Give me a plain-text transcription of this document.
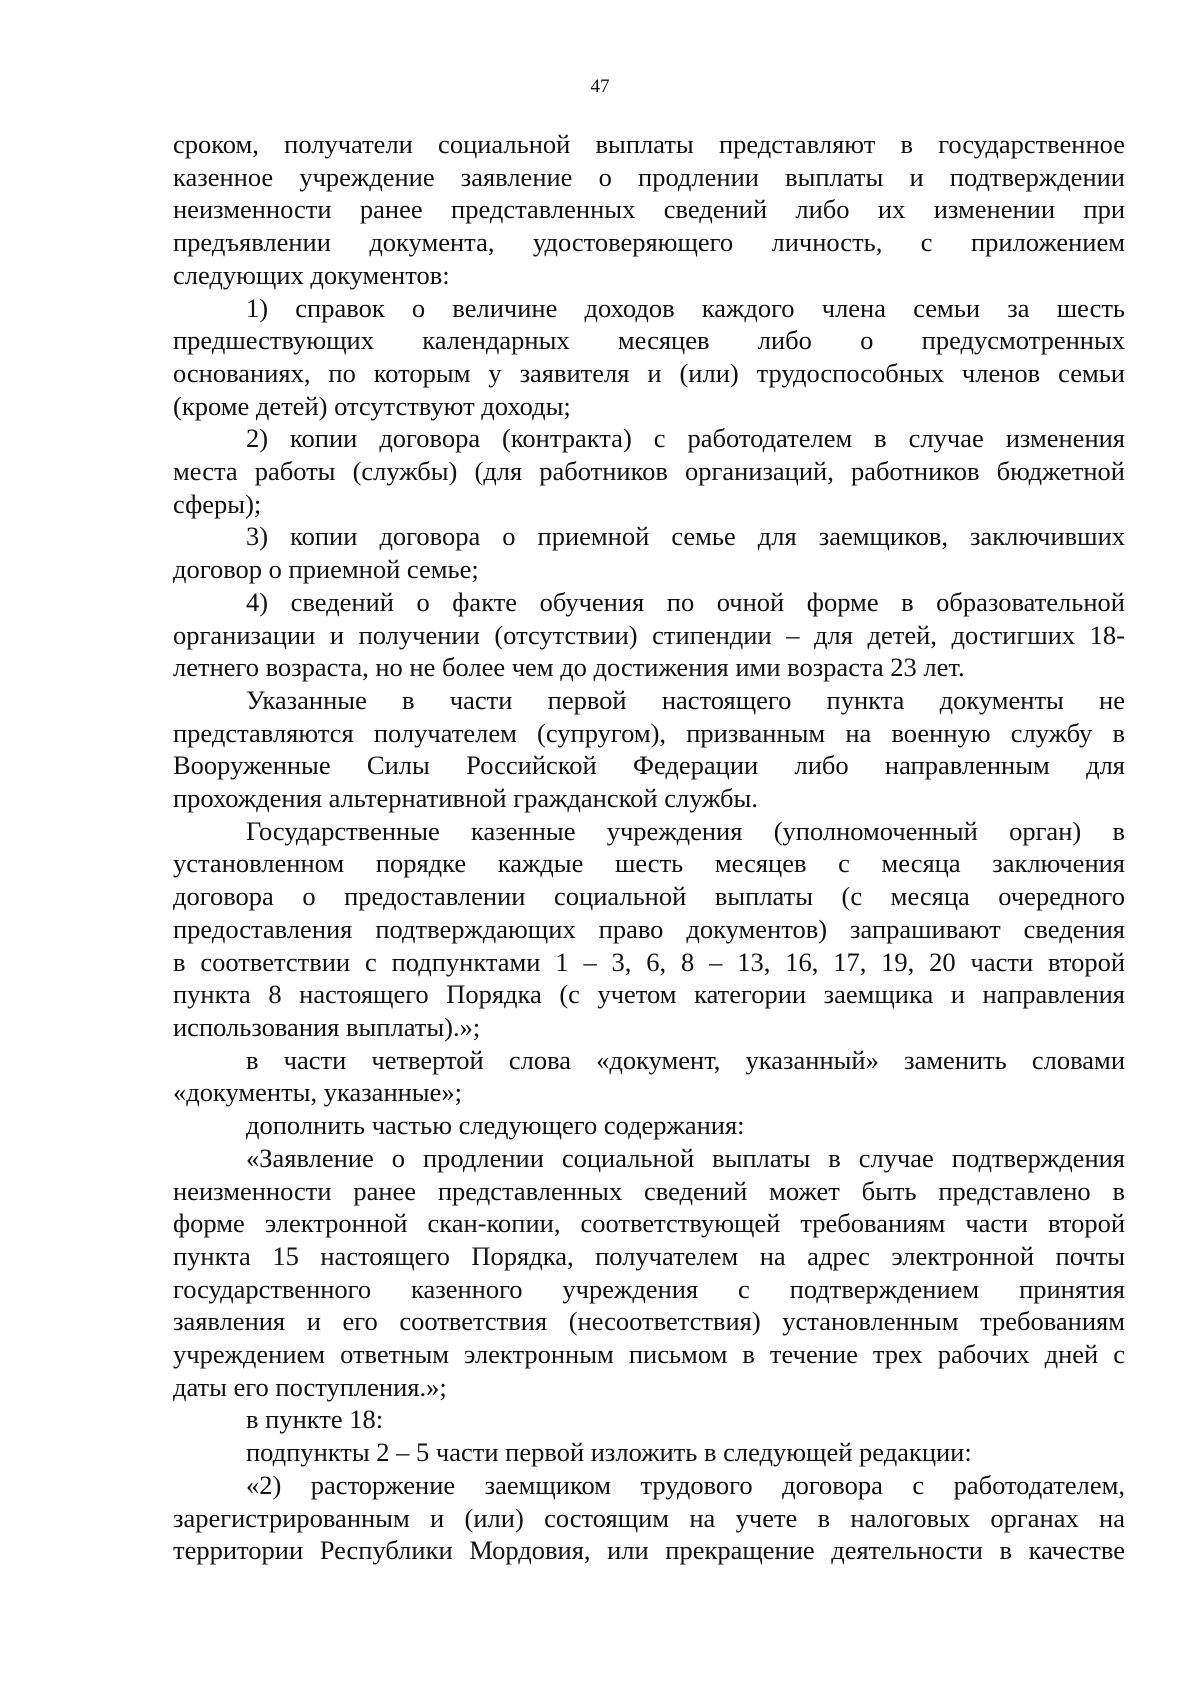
47

сроком, получатели социальной выплаты представляют в государственное

казенное учреждение заявление о продлении выплаты и подтверждении

неизменности ранее представленных сведений либо их изменении при

предъявлении документа, удостоверяющего личность, с приложением

следующих документов:

1) справок о величине доходов каждого члена семьи за шесть

предшествующих календарных месяцев либо о предусмотренных

основаниях, по которым у заявителя и (или) трудоспособных членов семьи

(кроме детей) отсутствуют доходы;

2) копии договора (контракта) с работодателем в случае изменения

места работы (службы) (для работников организаций, работников бюджетной

сферы);

3) копии договора о приемной семье для заемщиков, заключивших

договор о приемной семье;

4) сведений о факте обучения по очной форме в образовательной

организации и получении (отсутствии) стипендии – для детей, достигших 18-

летнего возраста, но не более чем до достижения ими возраста 23 лет.

Указанные в части первой настоящего пункта документы не

представляются получателем (супругом), призванным на военную службу в

Вооруженные Силы Российской Федерации либо направленным для

прохождения альтернативной гражданской службы.

Государственные казенные учреждения (уполномоченный орган) в

установленном порядке каждые шесть месяцев с месяца заключения

договора о предоставлении социальной выплаты (с месяца очередного

предоставления подтверждающих право документов) запрашивают сведения

в соответствии с подпунктами 1 – 3, 6, 8 – 13, 16, 17, 19, 20 части второй

пункта 8 настоящего Порядка (с учетом категории заемщика и направления

использования выплаты).»;

в части четвертой слова «документ, указанный» заменить словами

«документы, указанные»;

дополнить частью следующего содержания:

«Заявление о продлении социальной выплаты в случае подтверждения

неизменности ранее представленных сведений может быть представлено в

форме электронной скан-копии, соответствующей требованиям части второй

пункта 15 настоящего Порядка, получателем на адрес электронной почты

государственного казенного учреждения с подтверждением принятия

заявления и его соответствия (несоответствия) установленным требованиям

учреждением ответным электронным письмом в течение трех рабочих дней с

даты его поступления.»;

в пункте 18:

подпункты 2 – 5 части первой изложить в следующей редакции:

«2) расторжение заемщиком трудового договора с работодателем,

зарегистрированным и (или) состоящим на учете в налоговых органах на

территории Республики Мордовия, или прекращение деятельности в качестве
